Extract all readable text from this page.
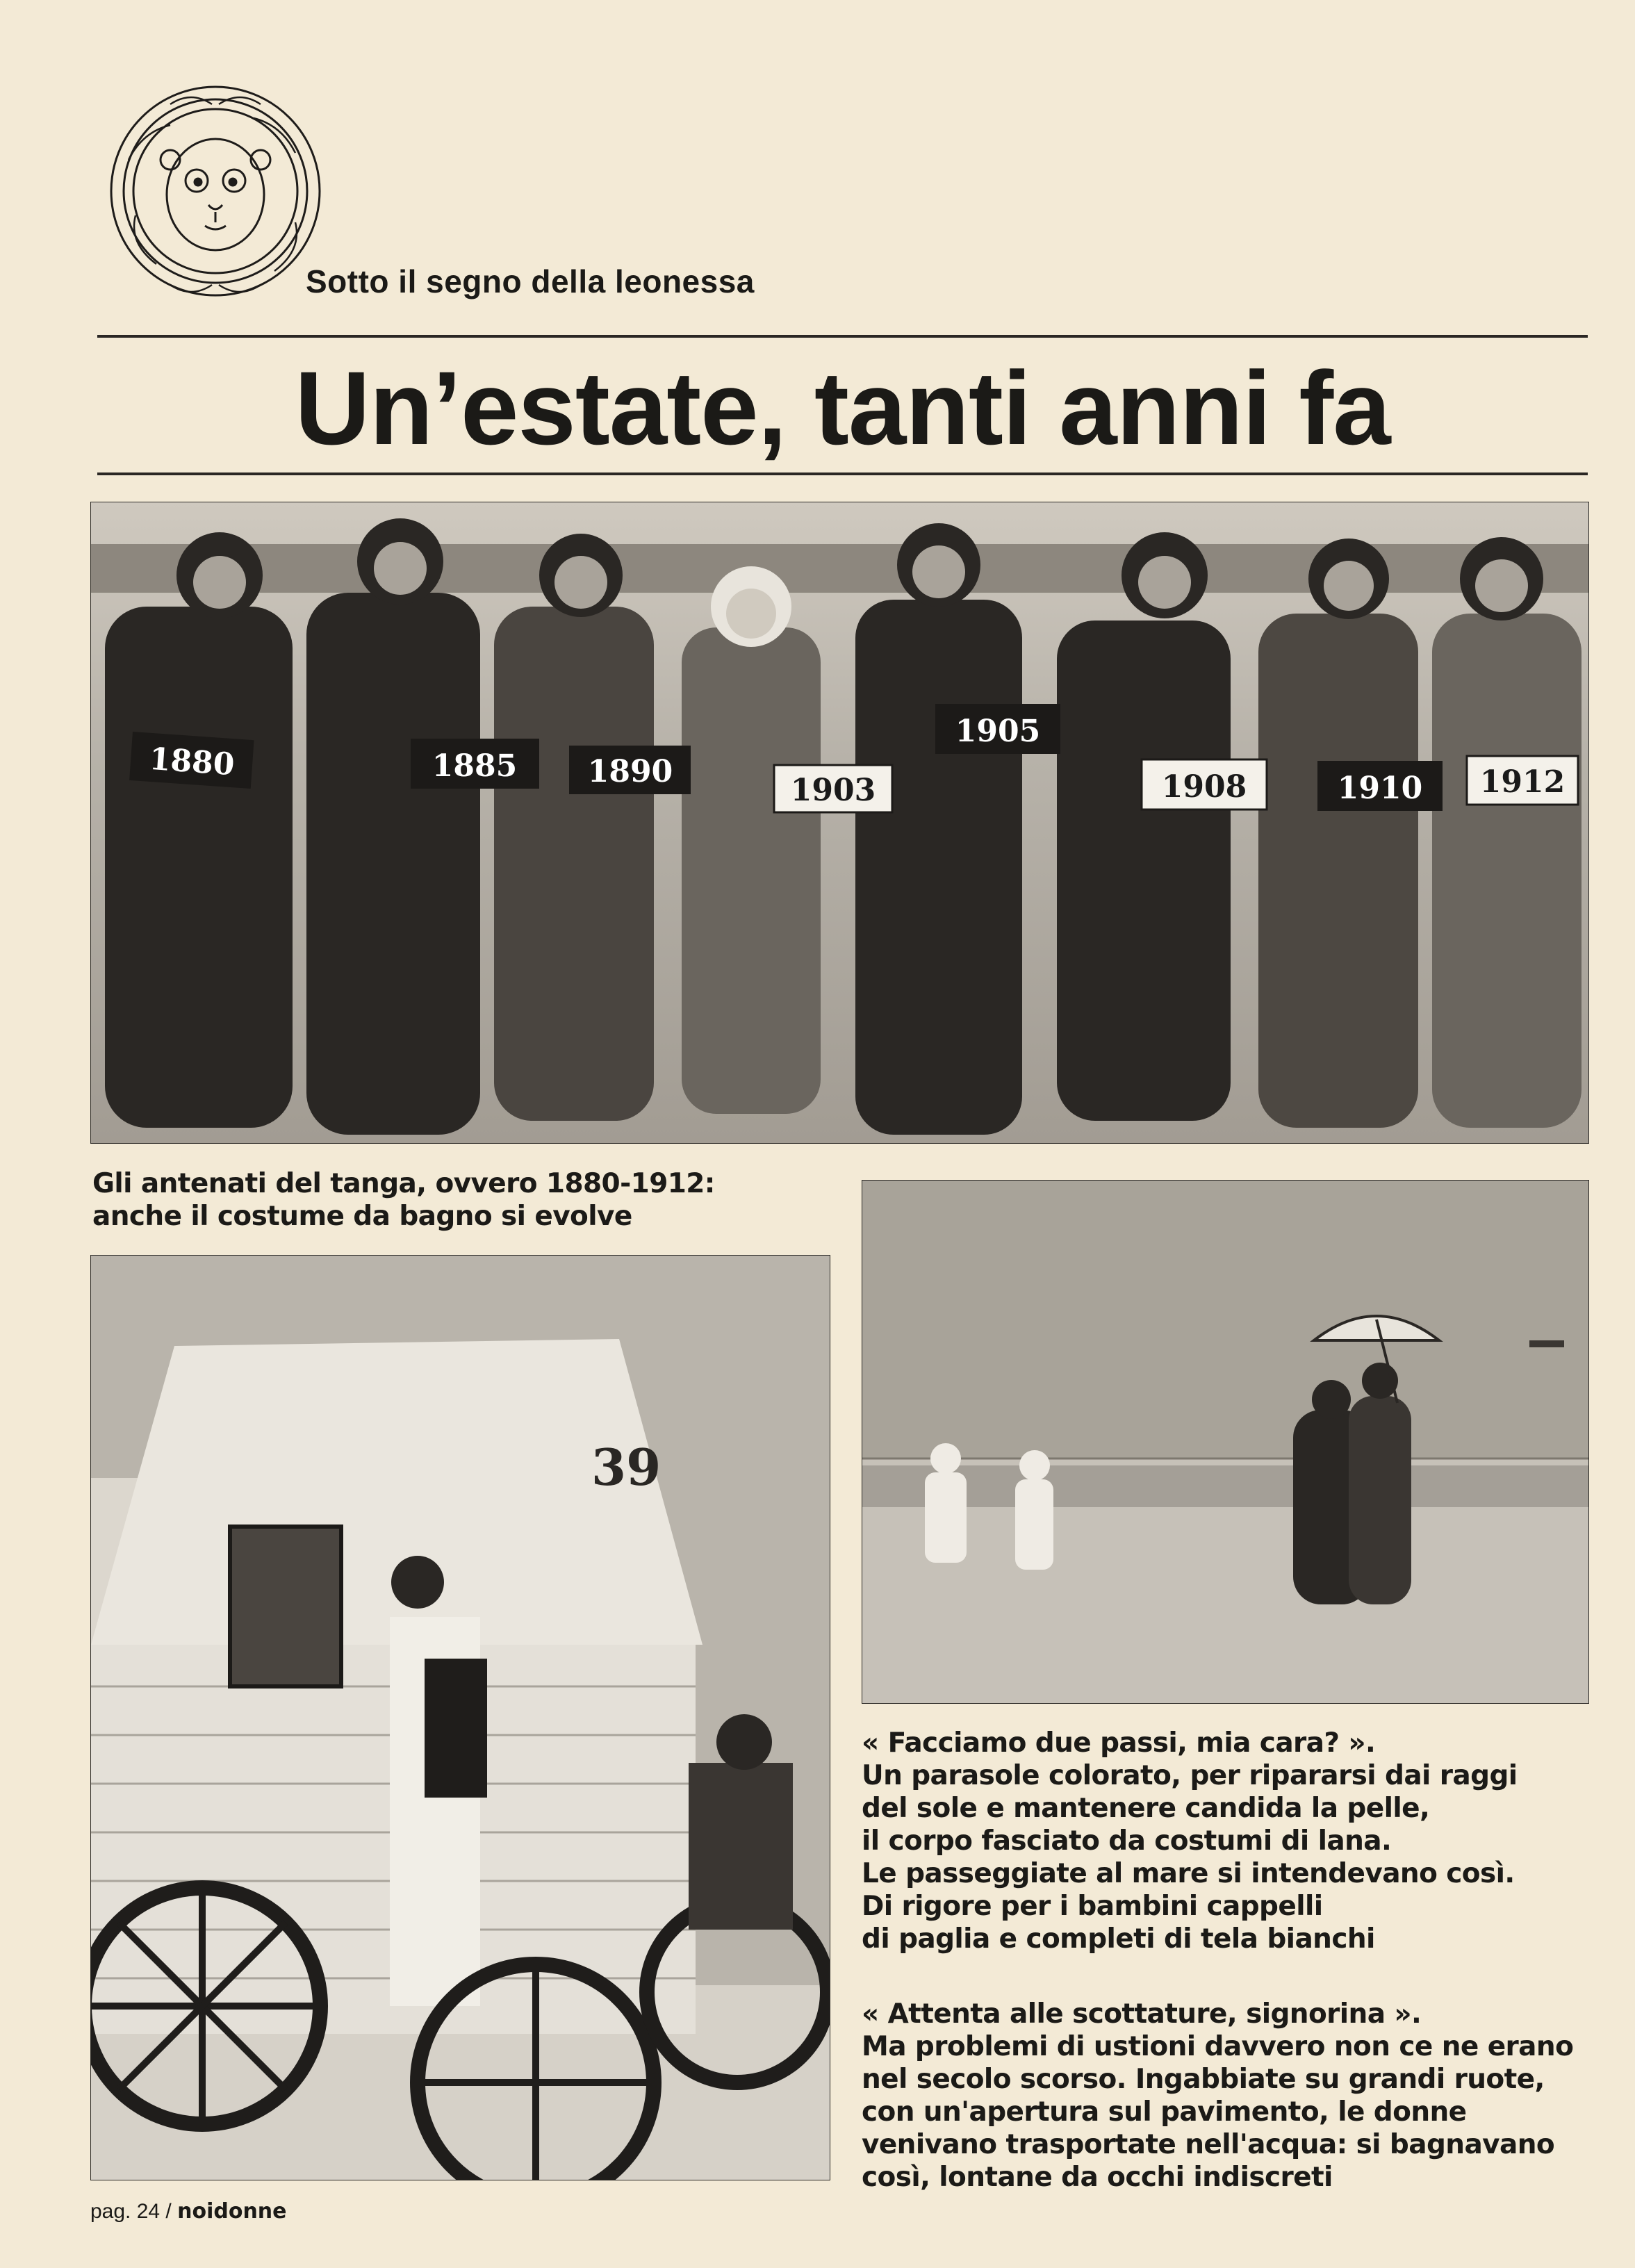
Sotto il segno della leonessa
Un’estate, tanti anni fa
1880	1885 1890
1903
1905
1908	1910 1912
Gli antenati del tanga, ovvero 1880-1912:
anche il costume da bagno si evolve
39
« Facciamo due passi, mia cara? ».
Un parasole colorato, per ripararsi dai raggi
del sole e mantenere candida la pelle,
il corpo fasciato da costumi di lana.
Le passeggiate al mare si intendevano così.
Di rigore per i bambini cappelli
di paglia e completi di tela bianchi
« Attenta alle scottature, signorina ».
Ma problemi di ustioni davvero non ce ne erano
nel secolo scorso. Ingabbiate su grandi ruote,
con un'apertura sul pavimento, le donne
venivano trasportate nell'acqua: si bagnavano
così, lontane da occhi indiscreti
pag. 24 / noidonne
